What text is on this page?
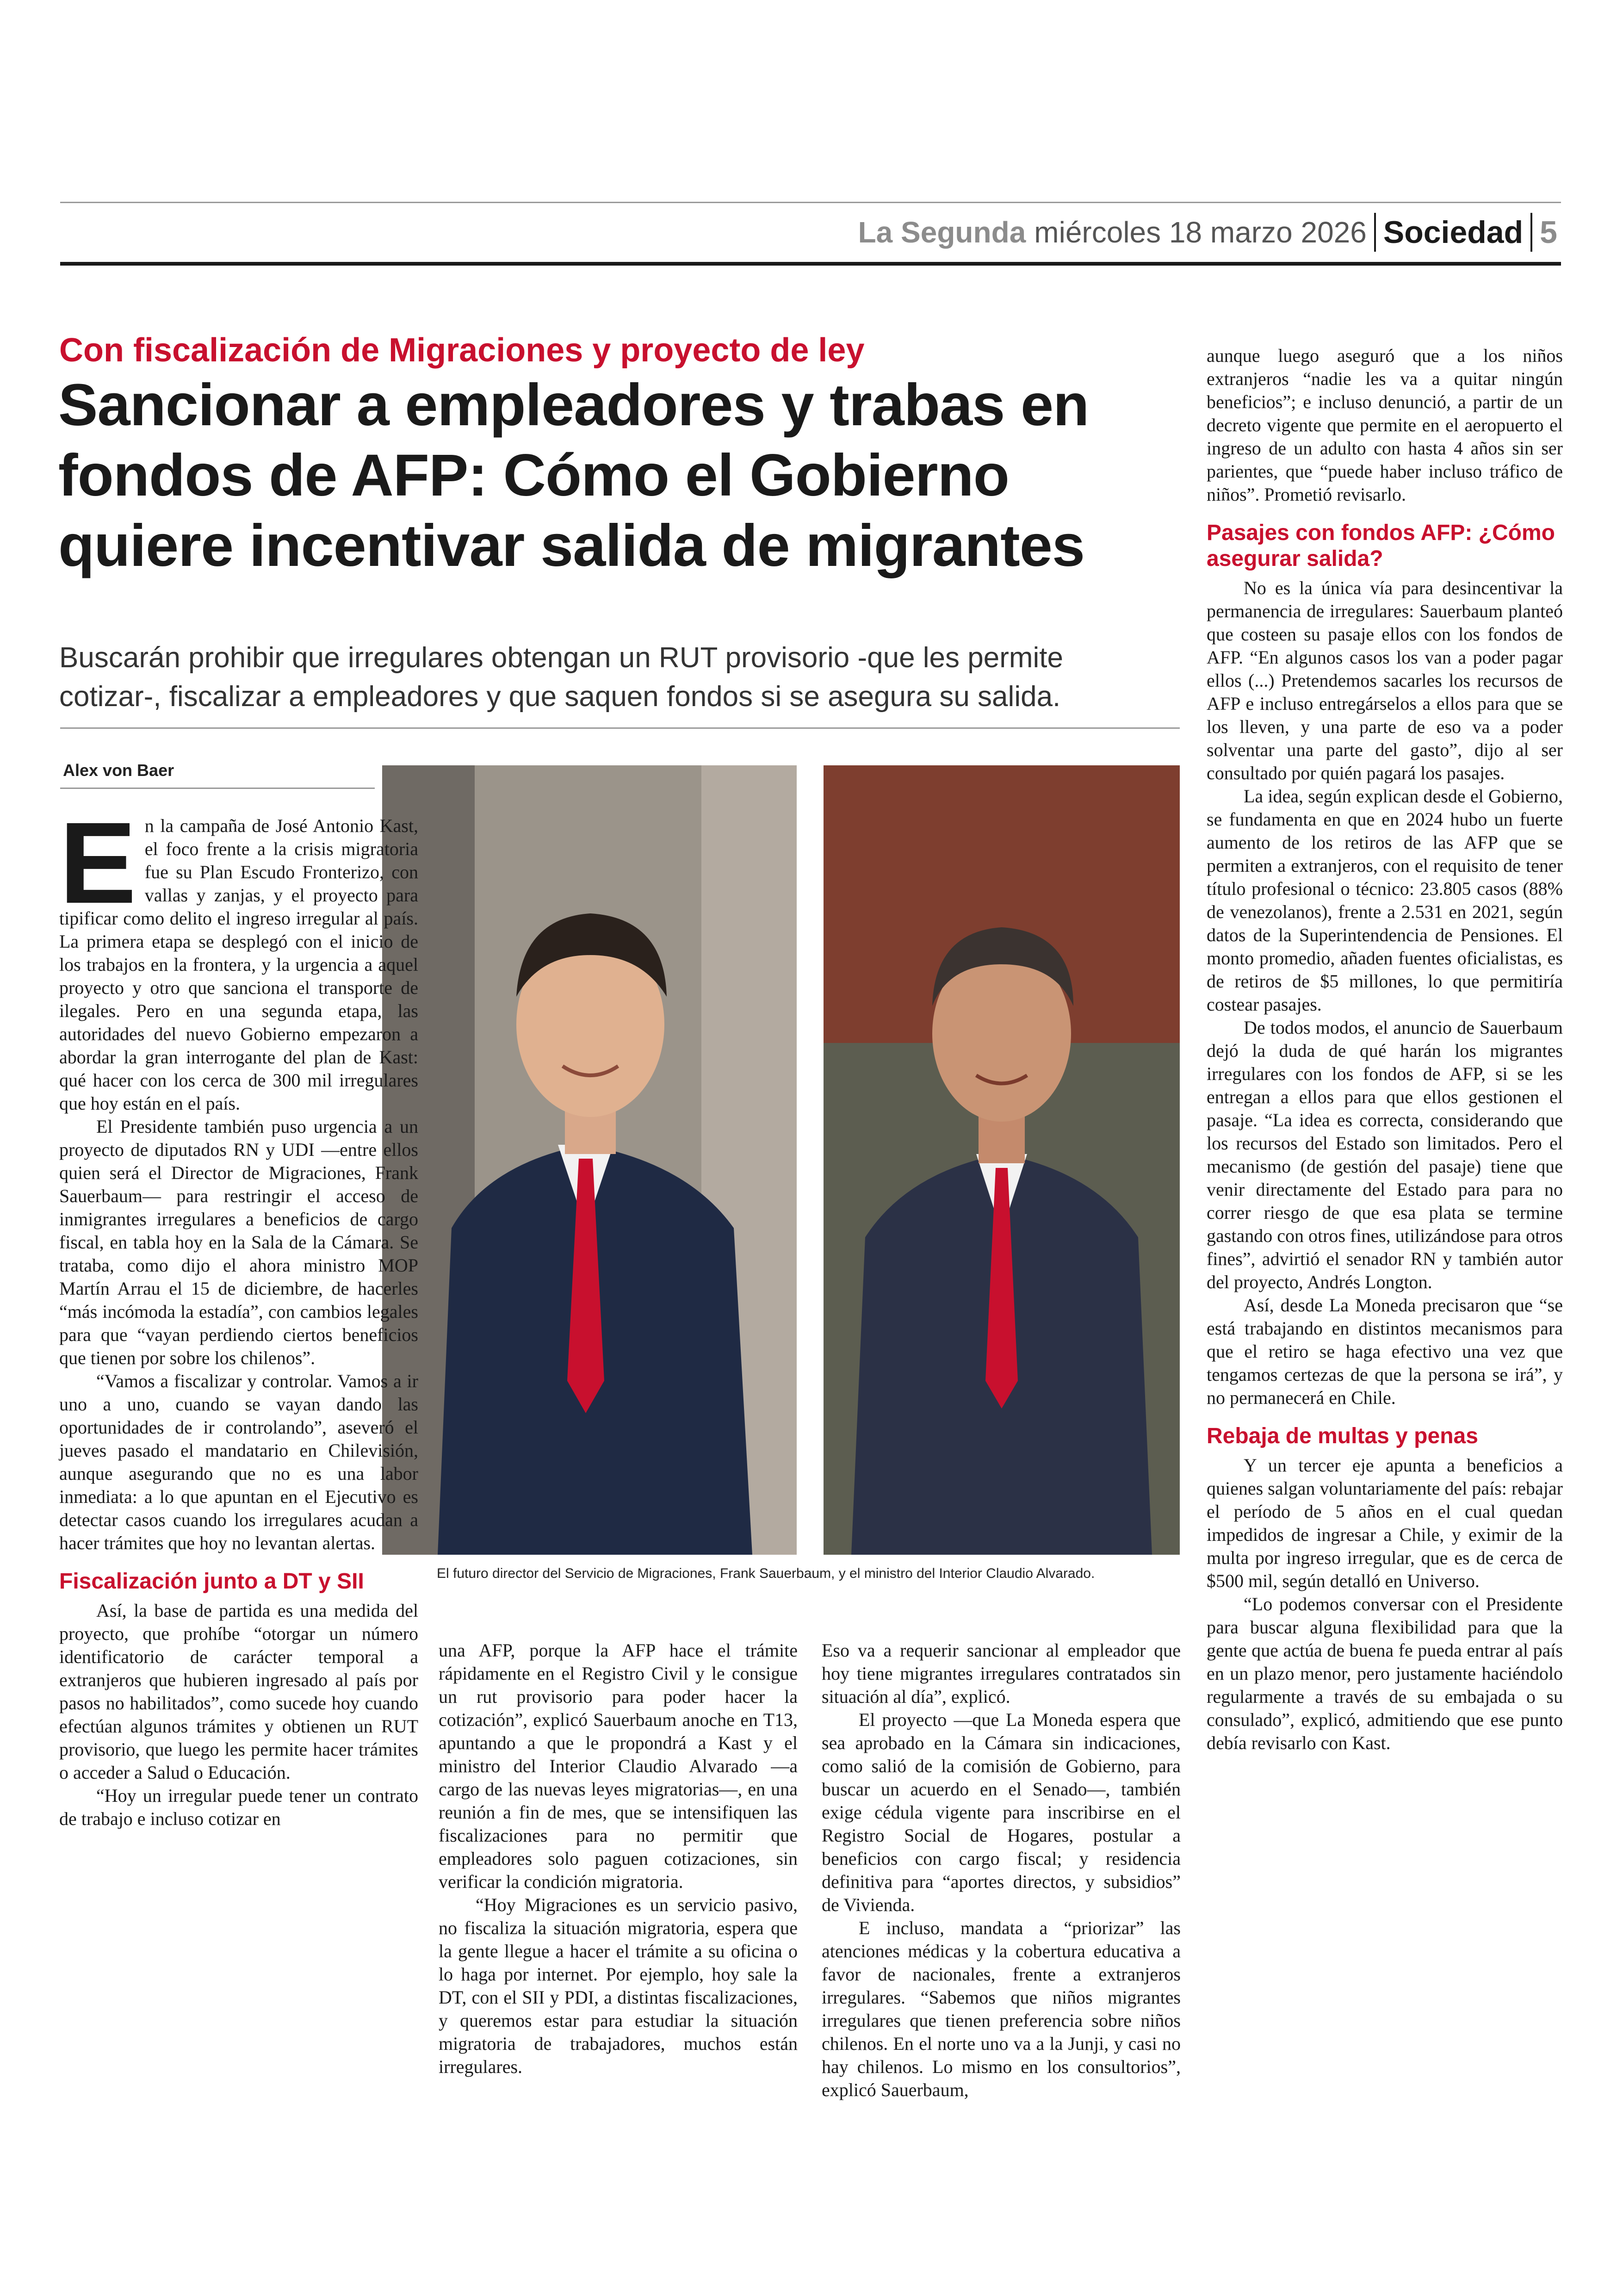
La Segunda miércoles 18 marzo 2026 Sociedad 5
Con fiscalización de Migraciones y proyecto de ley
Sancionar a empleadores y trabas en
fondos de AFP: Cómo el Gobierno
quiere incentivar salida de migrantes
Buscarán prohibir que irregulares obtengan un RUT provisorio -que les permite
cotizar-, fiscalizar a empleadores y que saquen fondos si se asegura su salida.
Alex von Baer
El futuro director del Servicio de Migraciones, Frank Sauerbaum, y el ministro del Interior Claudio Alvarado.

En la campaña de José Antonio Kast, el foco frente a la crisis migratoria fue su Plan Escudo Fronterizo, con vallas y zanjas, y el proyecto para tipificar como delito el ingreso irregular al país. La primera etapa se desplegó con el inicio de los trabajos en la frontera, y la urgencia a aquel proyecto y otro que sanciona el transporte de ilegales. Pero en una segunda etapa, las autoridades del nuevo Gobierno empezaron a abordar la gran interrogante del plan de Kast: qué hacer con los cerca de 300 mil irregulares que hoy están en el país.

El Presidente también puso urgencia a un proyecto de diputados RN y UDI —entre ellos quien será el Director de Migraciones, Frank Sauerbaum— para restringir el acceso de inmigrantes irregulares a beneficios de cargo fiscal, en tabla hoy en la Sala de la Cámara. Se trataba, como dijo el ahora ministro MOP Martín Arrau el 15 de diciembre, de hacerles “más incómoda la estadía”, con cambios legales para que “vayan perdiendo ciertos beneficios que tienen por sobre los chilenos”.

“Vamos a fiscalizar y controlar. Vamos a ir uno a uno, cuando se vayan dando las oportunidades de ir controlando”, aseveró el jueves pasado el mandatario en Chilevisión, aunque asegurando que no es una labor inmediata: a lo que apuntan en el Ejecutivo es detectar casos cuando los irregulares acudan a hacer trámites que hoy no levantan alertas.

Fiscalización junto a DT y SII

Así, la base de partida es una medida del proyecto, que prohíbe “otorgar un número identificatorio de carácter temporal a extranjeros que hubieren ingresado al país por pasos no habilitados”, como sucede hoy cuando efectúan algunos trámites y obtienen un RUT provisorio, que luego les permite hacer trámites o acceder a Salud o Educación.

“Hoy un irregular puede tener un contrato de trabajo e incluso cotizar en

una AFP, porque la AFP hace el trámite rápidamente en el Registro Civil y le consigue un rut provisorio para poder hacer la cotización”, explicó Sauerbaum anoche en T13, apuntando a que le propondrá a Kast y el ministro del Interior Claudio Alvarado —a cargo de las nuevas leyes migratorias—, en una reunión a fin de mes, que se intensifiquen las fiscalizaciones para no permitir que empleadores solo paguen cotizaciones, sin verificar la condición migratoria.

“Hoy Migraciones es un servicio pasivo, no fiscaliza la situación migratoria, espera que la gente llegue a hacer el trámite a su oficina o lo haga por internet. Por ejemplo, hoy sale la DT, con el SII y PDI, a distintas fiscalizaciones, y queremos estar para estudiar la situación migratoria de trabajadores, muchos están irregulares.

Eso va a requerir sancionar al empleador que hoy tiene migrantes irregulares contratados sin situación al día”, explicó.

El proyecto —que La Moneda espera que sea aprobado en la Cámara sin indicaciones, como salió de la comisión de Gobierno, para buscar un acuerdo en el Senado—, también exige cédula vigente para inscribirse en el Registro Social de Hogares, postular a beneficios con cargo fiscal; y residencia definitiva para “aportes directos, y subsidios” de Vivienda.

E incluso, mandata a “priorizar” las atenciones médicas y la cobertura educativa a favor de nacionales, frente a extranjeros irregulares. “Sabemos que niños migrantes irregulares que tienen preferencia sobre niños chilenos. En el norte uno va a la Junji, y casi no hay chilenos. Lo mismo en los consultorios”, explicó Sauerbaum,

aunque luego aseguró que a los niños extranjeros “nadie les va a quitar ningún beneficios”; e incluso denunció, a partir de un decreto vigente que permite en el aeropuerto el ingreso de un adulto con hasta 4 años sin ser parientes, que “puede haber incluso tráfico de niños”. Prometió revisarlo.

Pasajes con fondos AFP: ¿Cómo asegurar salida?

No es la única vía para desincentivar la permanencia de irregulares: Sauerbaum planteó que costeen su pasaje ellos con los fondos de AFP. “En algunos casos los van a poder pagar ellos (...) Pretendemos sacarles los recursos de AFP e incluso entregárselos a ellos para que se los lleven, y una parte de eso va a poder solventar una parte del gasto”, dijo al ser consultado por quién pagará los pasajes.

La idea, según explican desde el Gobierno, se fundamenta en que en 2024 hubo un fuerte aumento de los retiros de las AFP que se permiten a extranjeros, con el requisito de tener título profesional o técnico: 23.805 casos (88% de venezolanos), frente a 2.531 en 2021, según datos de la Superintendencia de Pensiones. El monto promedio, añaden fuentes oficialistas, es de retiros de $5 millones, lo que permitiría costear pasajes.

De todos modos, el anuncio de Sauerbaum dejó la duda de qué harán los migrantes irregulares con los fondos de AFP, si se les entregan a ellos para que ellos gestionen el pasaje. “La idea es correcta, considerando que los recursos del Estado son limitados. Pero el mecanismo (de gestión del pasaje) tiene que venir directamente del Estado para para no correr riesgo de que esa plata se termine gastando con otros fines, utilizándose para otros fines”, advirtió el senador RN y también autor del proyecto, Andrés Longton.

Así, desde La Moneda precisaron que “se está trabajando en distintos mecanismos para que el retiro se haga efectivo una vez que tengamos certezas de que la persona se irá”, y no permanecerá en Chile.

Rebaja de multas y penas

Y un tercer eje apunta a beneficios a quienes salgan voluntariamente del país: rebajar el período de 5 años en el cual quedan impedidos de ingresar a Chile, y eximir de la multa por ingreso irregular, que es de cerca de $500 mil, según detalló en Universo.

“Lo podemos conversar con el Presidente para buscar alguna flexibilidad para que la gente que actúa de buena fe pueda entrar al país en un plazo menor, pero justamente haciéndolo regularmente a través de su embajada o su consulado”, explicó, admitiendo que ese punto debía revisarlo con Kast.
